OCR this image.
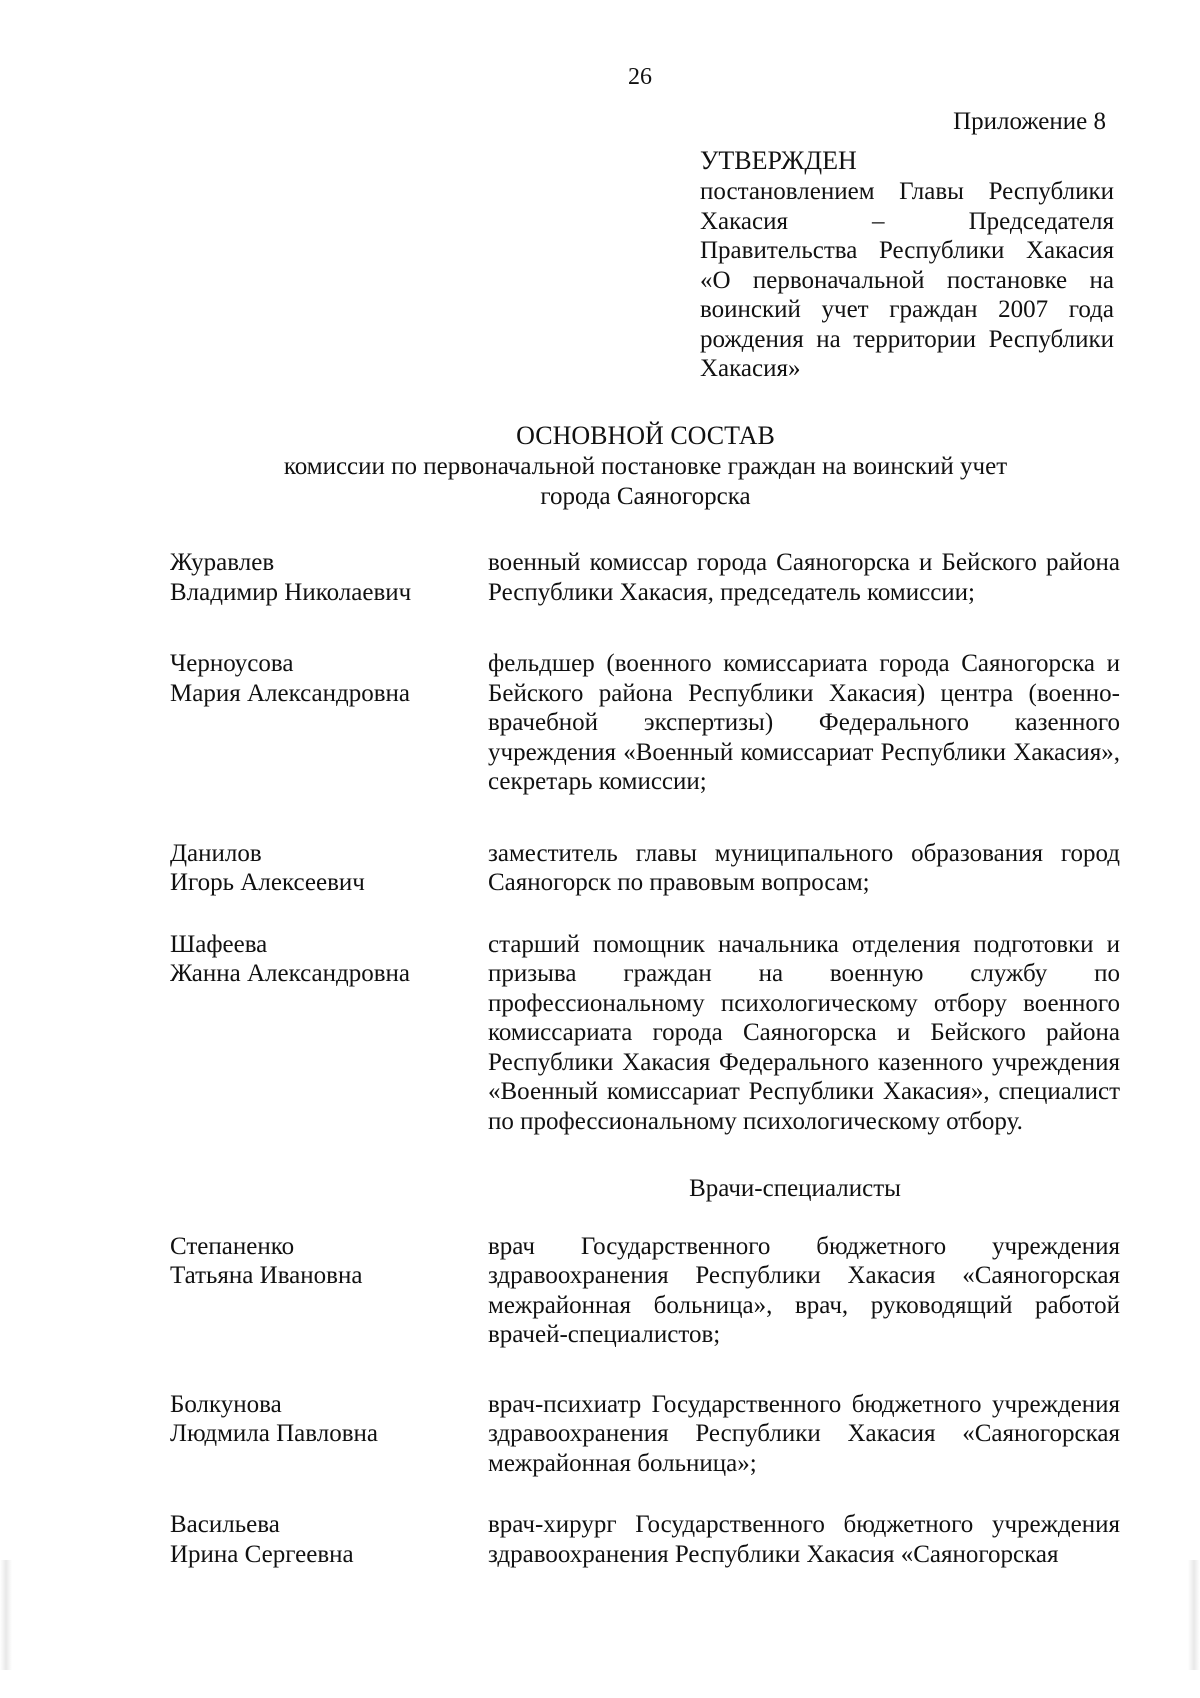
26
Приложение 8
УТВЕРЖДЕН
постановлением Главы Республики Хакасия – Председателя Правительства Республики Хакасия «О первоначальной постановке на воинский учет граждан 2007 года рождения на территории Республики Хакасия»
ОСНОВНОЙ СОСТАВ
комиссии по первоначальной постановке граждан на воинский учет
города Саяногорска
Журавлев
Владимир Николаевич
военный комиссар города Саяногорска и Бейского района Республики Хакасия, председатель комиссии;
Черноусова
Мария Александровна
фельдшер (военного комиссариата города Саяногорска и Бейского района Республики Хакасия) центра (военно-врачебной экспертизы) Федерального казенного учреждения «Военный комиссариат Республики Хакасия», секретарь комиссии;
Данилов
Игорь Алексеевич
заместитель главы муниципального образования город Саяногорск по правовым вопросам;
Шафеева
Жанна Александровна
старший помощник начальника отделения подготовки и призыва граждан на военную службу по профессиональному психологическому отбору военного комиссариата города Саяногорска и Бейского района Республики Хакасия Федерального казенного учреждения «Военный комиссариат Республики Хакасия», специалист по профессиональному психологическому отбору.
Врачи-специалисты
Степаненко
Татьяна Ивановна
врач Государственного бюджетного учреждения здравоохранения Республики Хакасия «Саяногорская межрайонная больница», врач, руководящий работой врачей-специалистов;
Болкунова
Людмила Павловна
врач-психиатр Государственного бюджетного учреждения здравоохранения Республики Хакасия «Саяногорская межрайонная больница»;
Васильева
Ирина Сергеевна
врач-хирург Государственного бюджетного учреждения здравоохранения Республики Хакасия «Саяногорская
